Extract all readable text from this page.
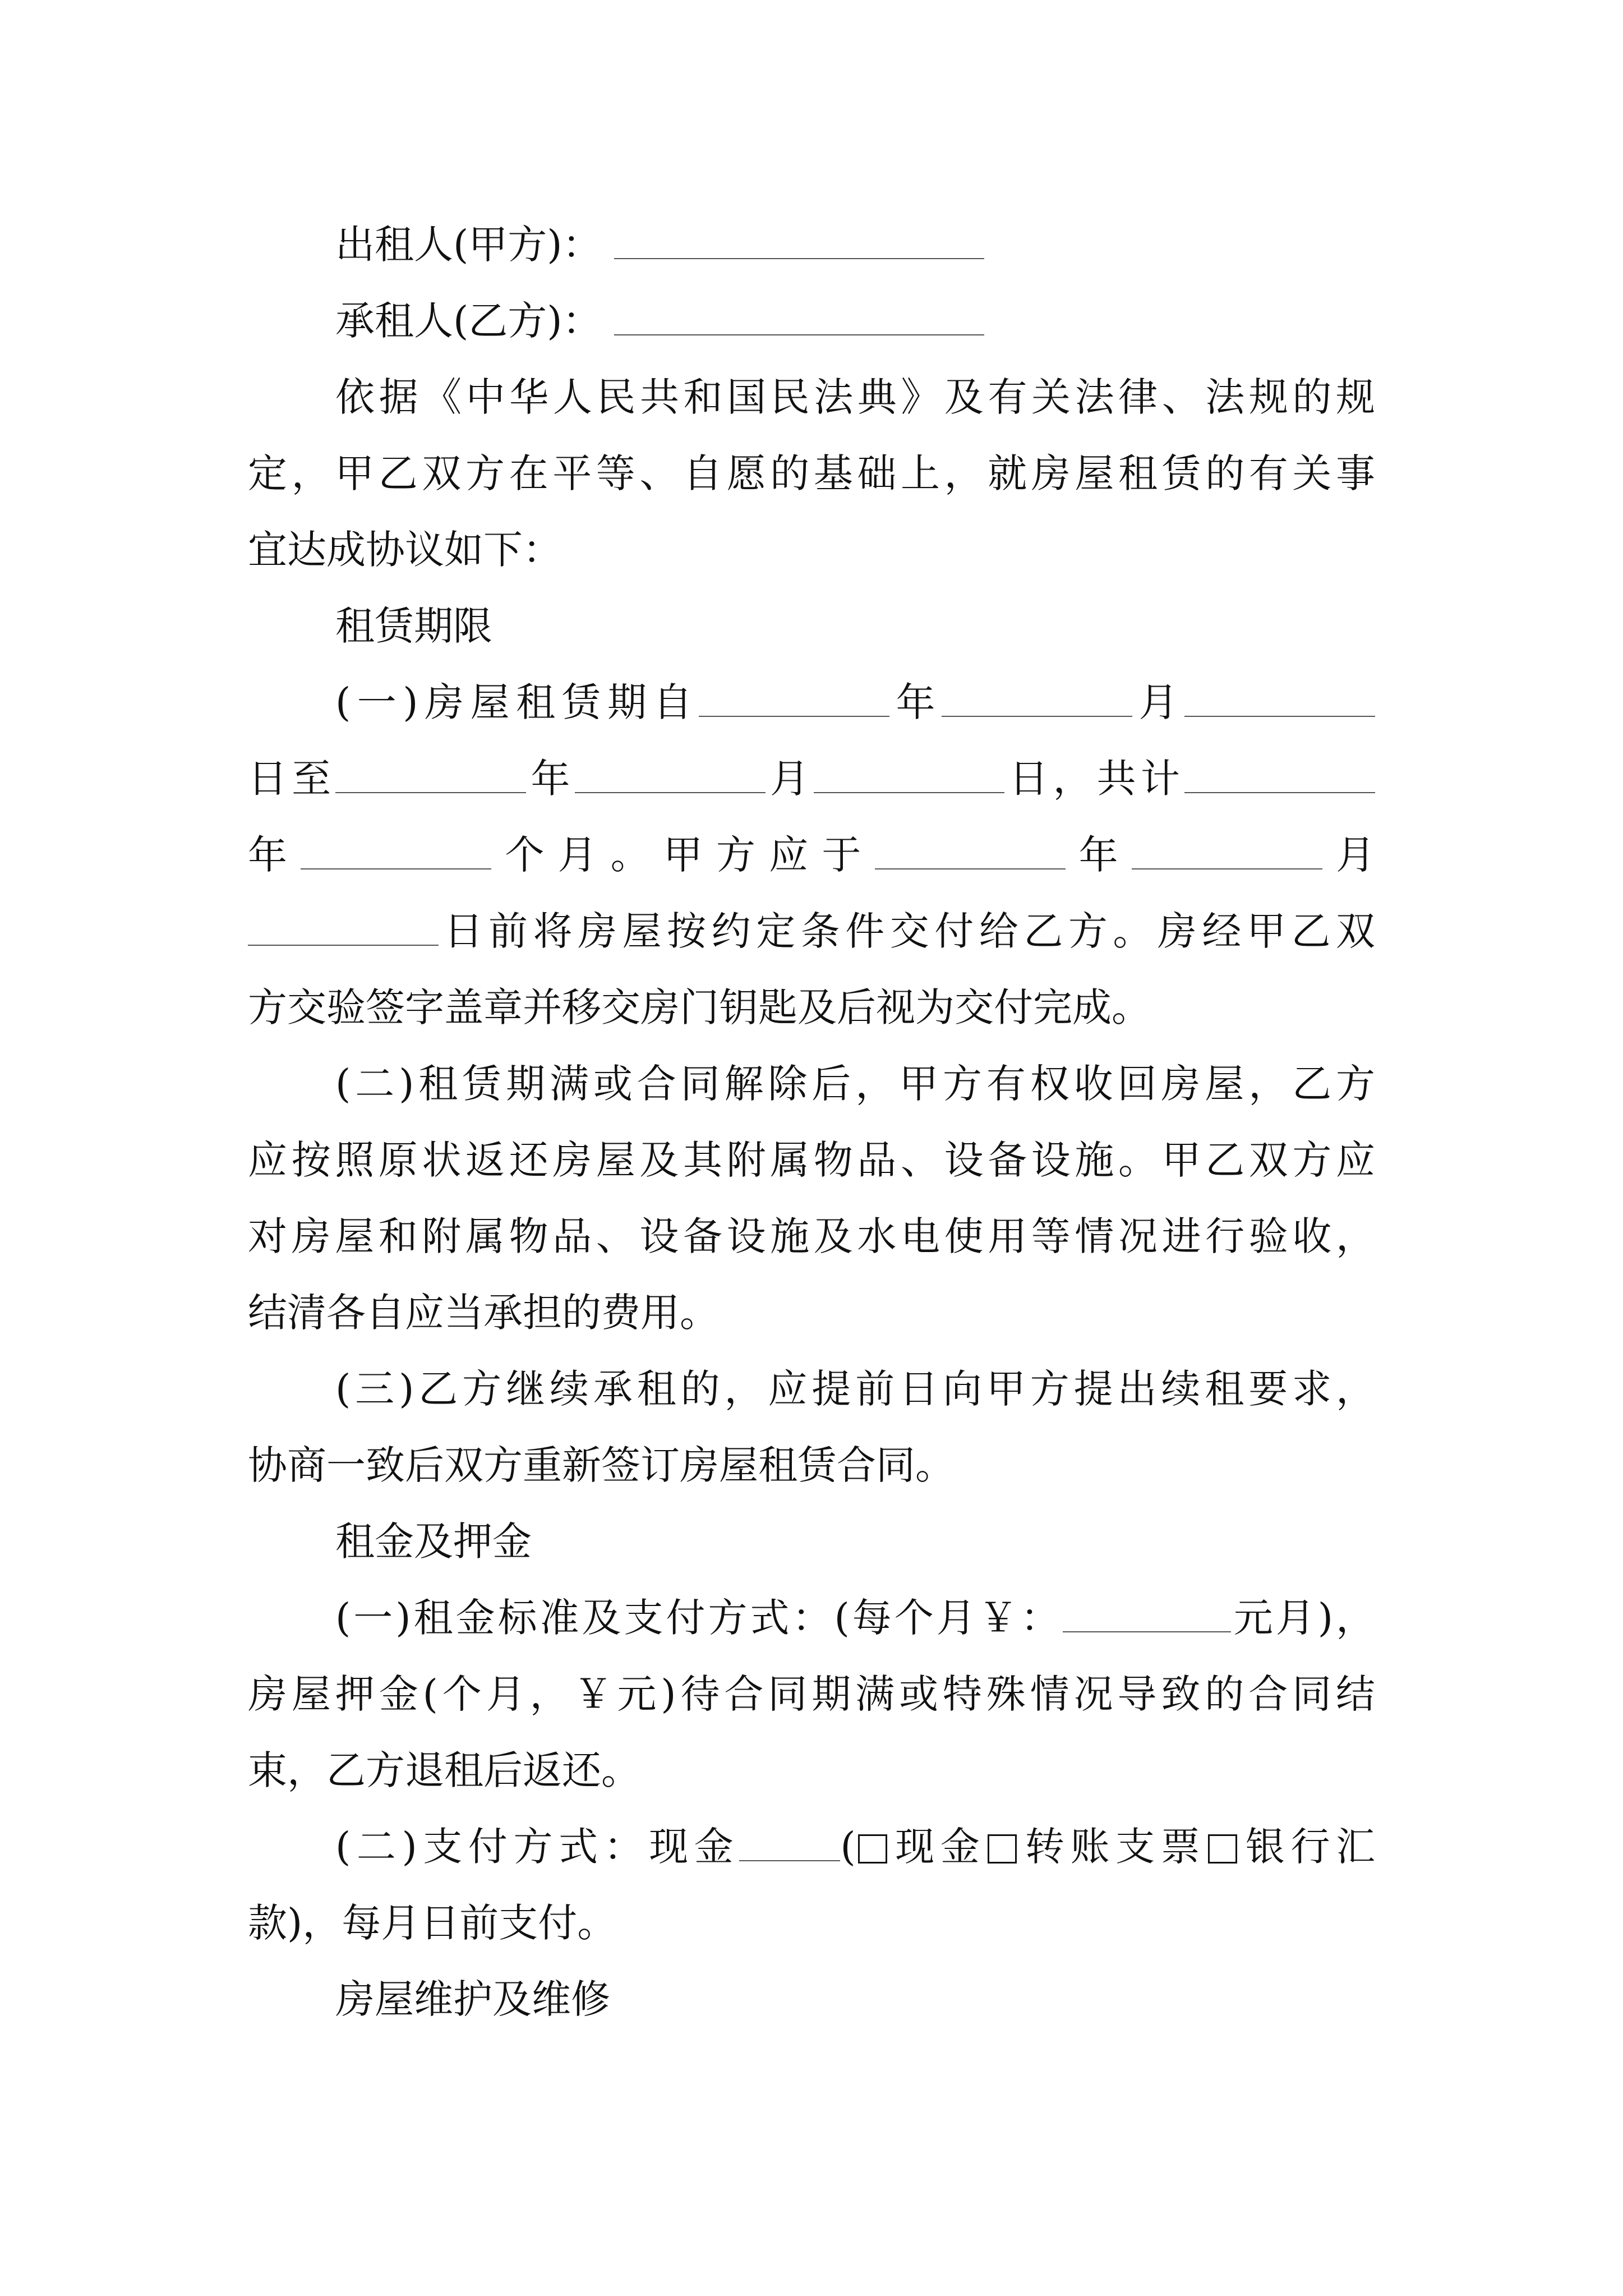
出租人(甲方)：
承租人(乙方)：
依据《中华人民共和国民法典》及有关法律、法规的规
定，甲乙双方在平等、自愿的基础上，就房屋租赁的有关事
宜达成协议如下：
租赁期限
(一)房屋租赁期自	年	月
日至	年	月	日，共计
年	个月。甲方应于	年	月
日前将房屋按约定条件交付给乙方。房经甲乙双
方交验签字盖章并移交房门钥匙及后视为交付完成。
(二)租赁期满或合同解除后，甲方有权收回房屋，乙方
应按照原状返还房屋及其附属物品、设备设施。甲乙双方应
对房屋和附属物品、设备设施及水电使用等情况进行验收，
结清各自应当承担的费用。
(三)乙方继续承租的，应提前日向甲方提出续租要求，
协商一致后双方重新签订房屋租赁合同。
租金及押金
(一)租金标准及支付方式：(每个月￥：	元月)，
房屋押金(个月，￥元)待合同期满或特殊情况导致的合同结
束，乙方退租后返还。
(二)支付方式：现金	( 现金 转账支票 银行汇
款)，每月日前支付。
房屋维护及维修
